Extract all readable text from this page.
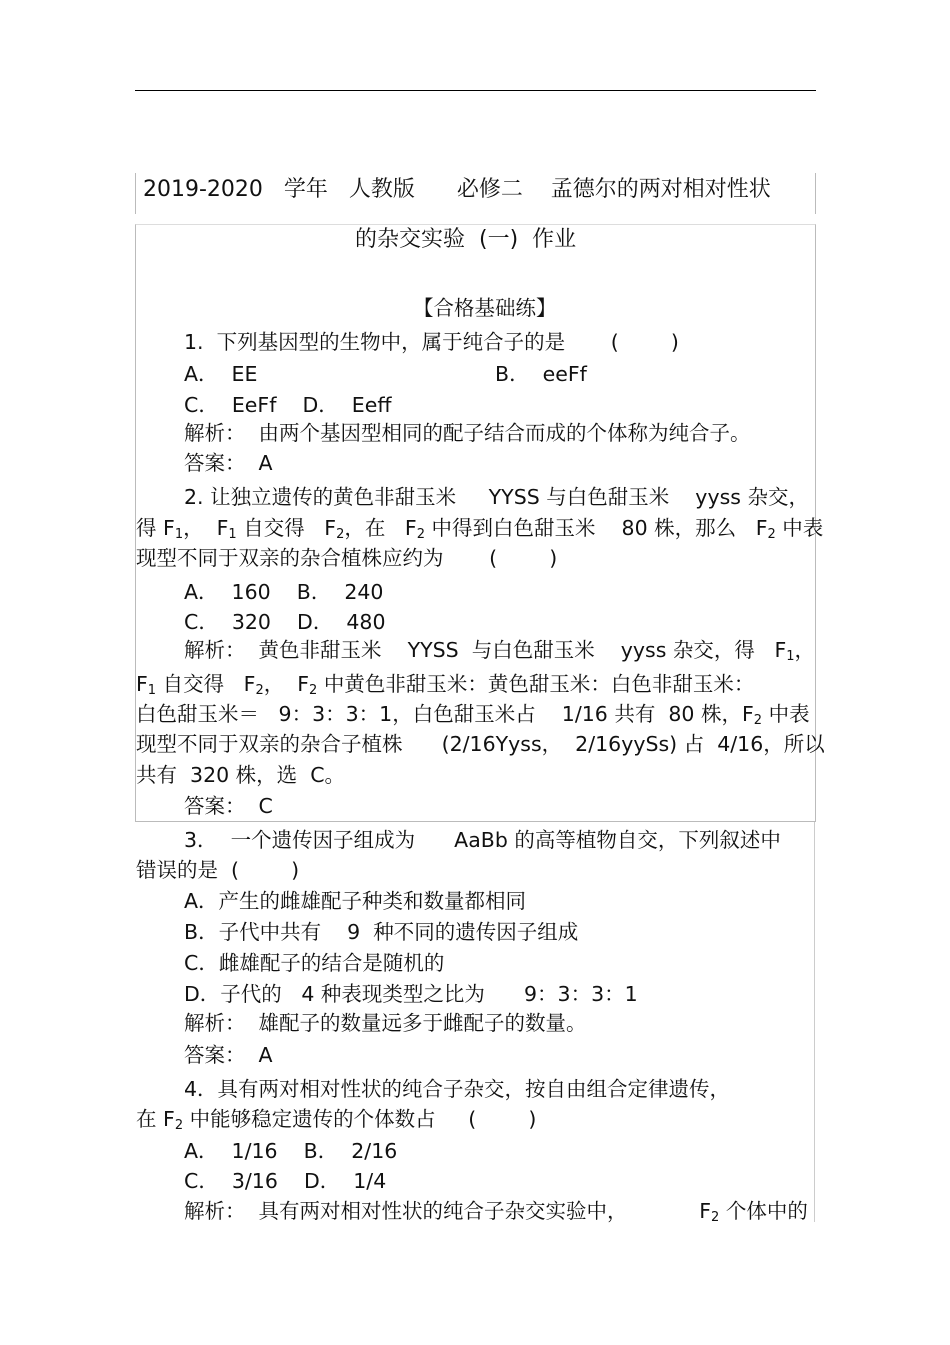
2019-2020   学年   人教版      必修二    孟德尔的两对相对性状
的杂交实验  (一)  作业
【合格基础练】
1.  下列基因型的生物中，属于纯合子的是       (        )
A．  EE	B．  eeFf
C．  EeFf    D．  Eeff
解析：  由两个基因型相同的配子结合而成的个体称为纯合子。
答案：  A
2. 让独立遗传的黄色非甜玉米     YYSS 与白色甜玉米    yyss 杂交，
得 $F_1$，  $F_1$ 自交得   $F_2$，在   $F_2$ 中得到白色甜玉米    80 株，那么   $F_2$ 中表
现型不同于双亲的杂合植株应约为       (        )
A．  160    B．  240
C．  320    D．  480
解析：  黄色非甜玉米    YYSS  与白色甜玉米    yyss 杂交，得   $F_1$，
$F_1$ 自交得   $F_2$，  $F_2$ 中黄色非甜玉米：黄色甜玉米：白色非甜玉米：
白色甜玉米＝   9：3：3：1，白色甜玉米占    1/16 共有  80 株，$F_2$ 中表
现型不同于双亲的杂合子植株      (2/16Yyss，  2/16yySs) 占  4/16，所以
共有  320 株，选  C。
答案：  C
3．  一个遗传因子组成为      AaBb 的高等植物自交，下列叙述中
错误的是  (        )
A．产生的雌雄配子种类和数量都相同
B．子代中共有    9  种不同的遗传因子组成
C．雌雄配子的结合是随机的
D．子代的   4 种表现类型之比为      9：3：3：1
解析：  雄配子的数量远多于雌配子的数量。
答案：  A
4．具有两对相对性状的纯合子杂交，按自由组合定律遗传，
在 $F_2$ 中能够稳定遗传的个体数占     (        )
A．  1/16    B．  2/16
C．  3/16    D．  1/4
解析：  具有两对相对性状的纯合子杂交实验中，           $F_2$ 个体中的
